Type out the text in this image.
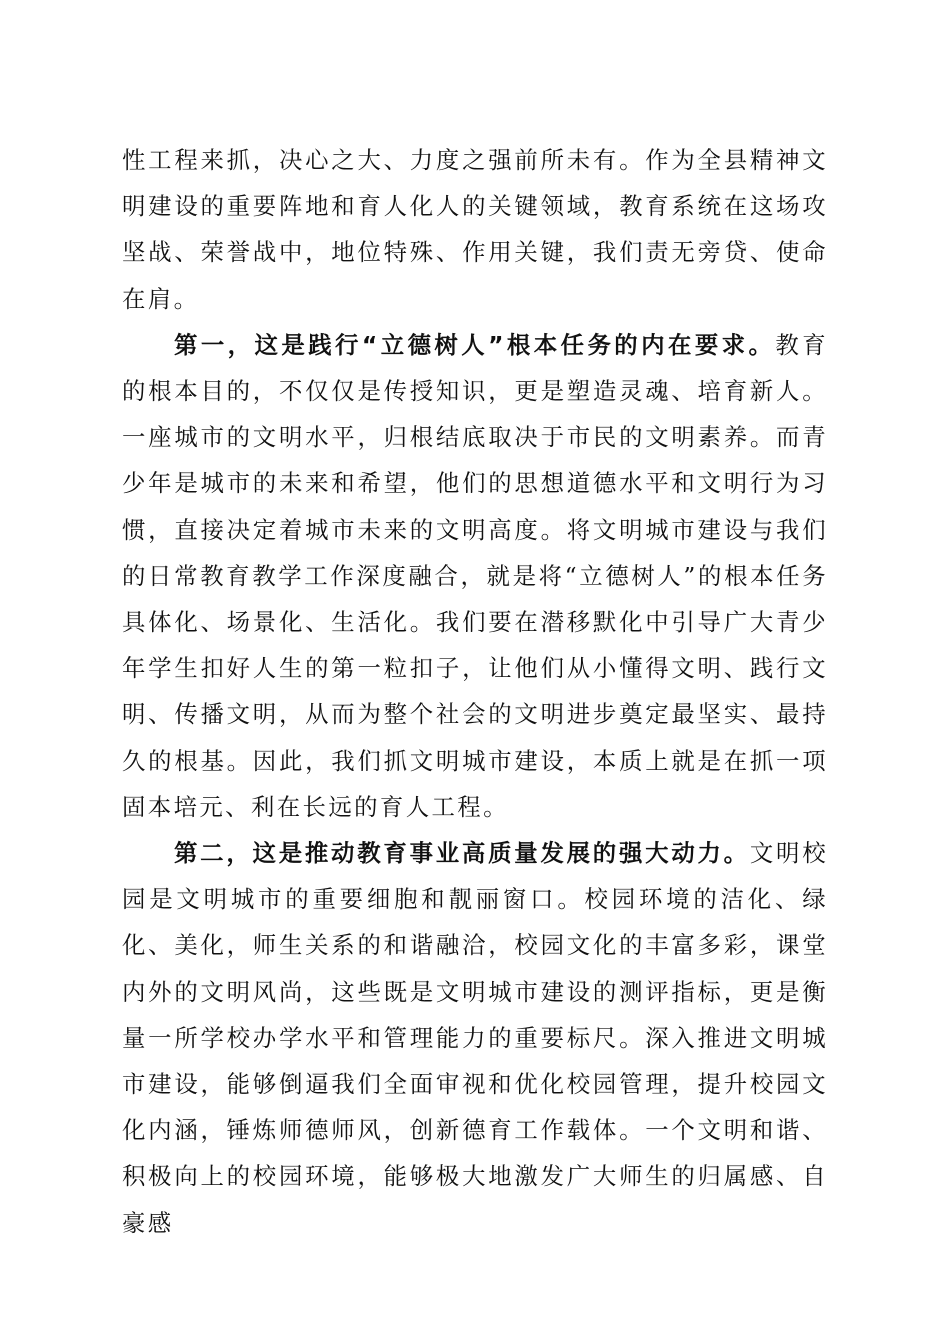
性工程来抓，决心之大、力度之强前所未有。作为全县精神文明建设的重要阵地和育人化人的关键领域，教育系统在这场攻坚战、荣誉战中，地位特殊、作用关键，我们责无旁贷、使命在肩。

第一，这是践行“立德树人”根本任务的内在要求。教育的根本目的，不仅仅是传授知识，更是塑造灵魂、培育新人。一座城市的文明水平，归根结底取决于市民的文明素养。而青少年是城市的未来和希望，他们的思想道德水平和文明行为习惯，直接决定着城市未来的文明高度。将文明城市建设与我们的日常教育教学工作深度融合，就是将“立德树人”的根本任务具体化、场景化、生活化。我们要在潜移默化中引导广大青少年学生扣好人生的第一粒扣子，让他们从小懂得文明、践行文明、传播文明，从而为整个社会的文明进步奠定最坚实、最持久的根基。因此，我们抓文明城市建设，本质上就是在抓一项固本培元、利在长远的育人工程。

第二，这是推动教育事业高质量发展的强大动力。文明校园是文明城市的重要细胞和靓丽窗口。校园环境的洁化、绿化、美化，师生关系的和谐融洽，校园文化的丰富多彩，课堂内外的文明风尚，这些既是文明城市建设的测评指标，更是衡量一所学校办学水平和管理能力的重要标尺。深入推进文明城市建设，能够倒逼我们全面审视和优化校园管理，提升校园文化内涵，锤炼师德师风，创新德育工作载体。一个文明和谐、积极向上的校园环境，能够极大地激发广大师生的归属感、自豪感
